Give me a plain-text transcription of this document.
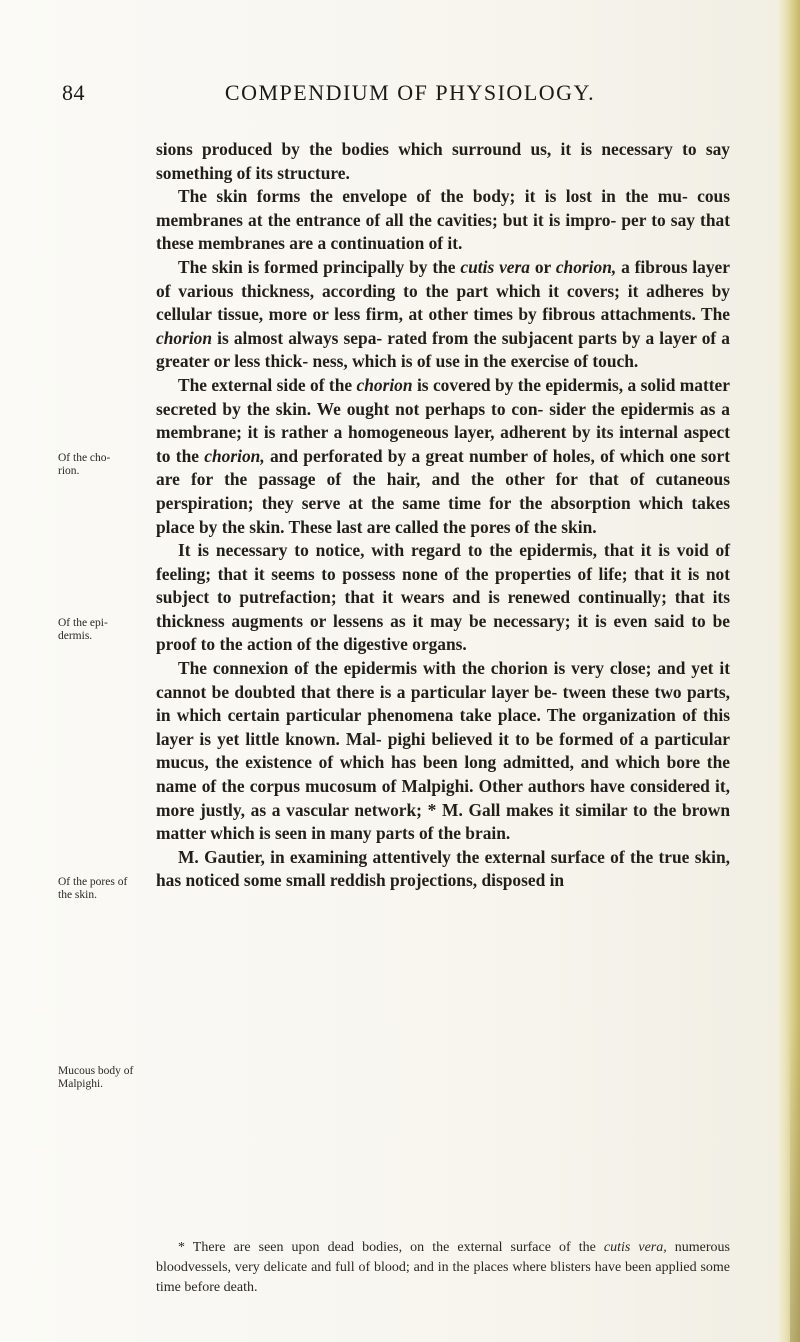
84	COMPENDIUM OF PHYSIOLOGY.
Of the cho- rion.
Of the epi- dermis.
Of the pores of the skin.
Mucous body of Malpighi.

sions produced by the bodies which surround us, it is necessary to say something of its structure.

The skin forms the envelope of the body; it is lost in the mu- cous membranes at the entrance of all the cavities; but it is impro- per to say that these membranes are a continuation of it.

The skin is formed principally by the cutis vera or chorion, a fibrous layer of various thickness, according to the part which it covers; it adheres by cellular tissue, more or less firm, at other times by fibrous attachments. The chorion is almost always sepa- rated from the subjacent parts by a layer of a greater or less thick- ness, which is of use in the exercise of touch.

The external side of the chorion is covered by the epidermis, a solid matter secreted by the skin. We ought not perhaps to con- sider the epidermis as a membrane; it is rather a homogeneous layer, adherent by its internal aspect to the chorion, and perforated by a great number of holes, of which one sort are for the passage of the hair, and the other for that of cutaneous perspiration; they serve at the same time for the absorption which takes place by the skin. These last are called the pores of the skin.

It is necessary to notice, with regard to the epidermis, that it is void of feeling; that it seems to possess none of the properties of life; that it is not subject to putrefaction; that it wears and is renewed continually; that its thickness augments or lessens as it may be necessary; it is even said to be proof to the action of the digestive organs.

The connexion of the epidermis with the chorion is very close; and yet it cannot be doubted that there is a particular layer be- tween these two parts, in which certain particular phenomena take place. The organization of this layer is yet little known. Mal- pighi believed it to be formed of a particular mucus, the existence of which has been long admitted, and which bore the name of the corpus mucosum of Malpighi. Other authors have considered it, more justly, as a vascular network; * M. Gall makes it similar to the brown matter which is seen in many parts of the brain.

M. Gautier, in examining attentively the external surface of the true skin, has noticed some small reddish projections, disposed in

* There are seen upon dead bodies, on the external surface of the cutis vera, numerous bloodvessels, very delicate and full of blood; and in the places where blisters have been applied some time before death.
